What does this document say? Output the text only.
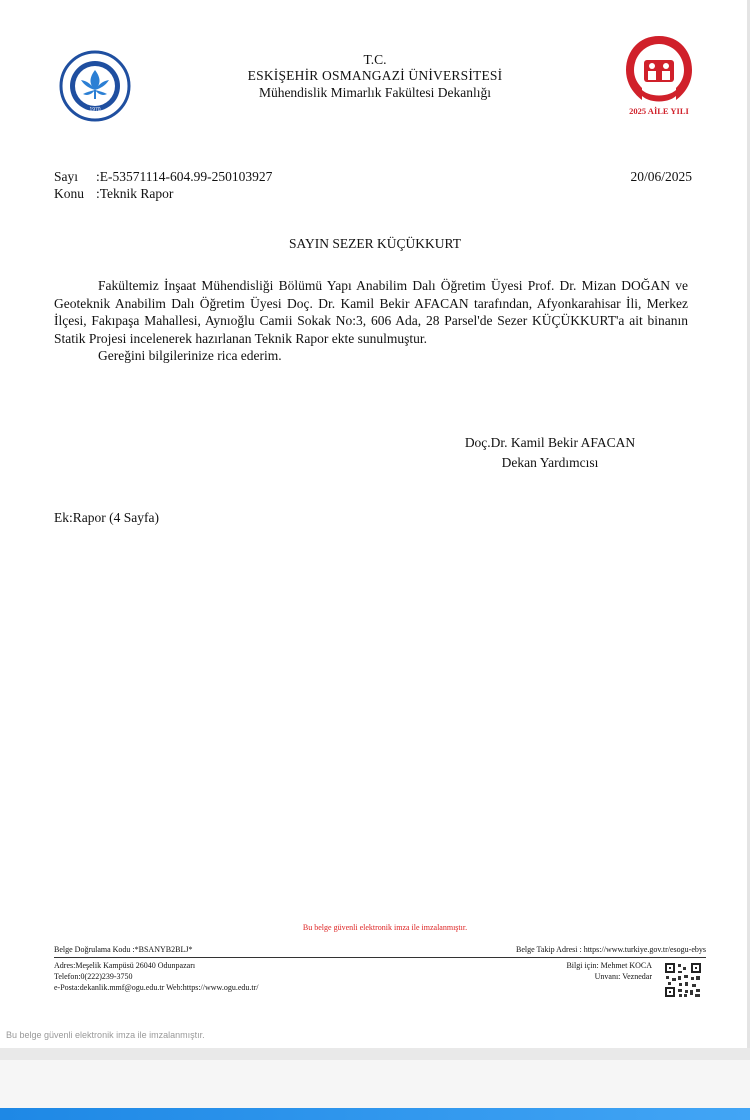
1970
T.C.
ESKİŞEHİR OSMANGAZİ ÜNİVERSİTESİ
Mühendislik Mimarlık Fakültesi Dekanlığı
2025 AİLE YILI
Sayı :E-53571114-604.99-250103927
Konu :Teknik Rapor
20/06/2025
SAYIN SEZER KÜÇÜKKURT
Fakültemiz İnşaat Mühendisliği Bölümü Yapı Anabilim Dalı Öğretim Üyesi Prof. Dr. Mizan DOĞAN ve Geoteknik Anabilim Dalı Öğretim Üyesi Doç. Dr. Kamil Bekir AFACAN tarafından, Afyonkarahisar İli, Merkez İlçesi, Fakıpaşa Mahallesi, Aynıoğlu Camii Sokak No:3, 606 Ada, 28 Parsel'de Sezer KÜÇÜKKURT'a ait binanın Statik Projesi incelenerek hazırlanan Teknik Rapor ekte sunulmuştur.
Gereğini bilgilerinize rica ederim.
Doç.Dr. Kamil Bekir AFACAN
Dekan Yardımcısı
Ek:Rapor (4 Sayfa)
Bu belge güvenli elektronik imza ile imzalanmıştır.
Belge Doğrulama Kodu :*BSANYB2BLJ*	Belge Takip Adresi : https://www.turkiye.gov.tr/esogu-ebys
Adres:Meşelik Kampüsü 26040 Odunpazarı
Telefon:0(222)239-3750
e-Posta:dekanlik.mmf@ogu.edu.tr Web:https://www.ogu.edu.tr/
Bilgi için: Mehmet KOCA
Unvanı: Veznedar
Bu belge güvenli elektronik imza ile imzalanmıştır.
